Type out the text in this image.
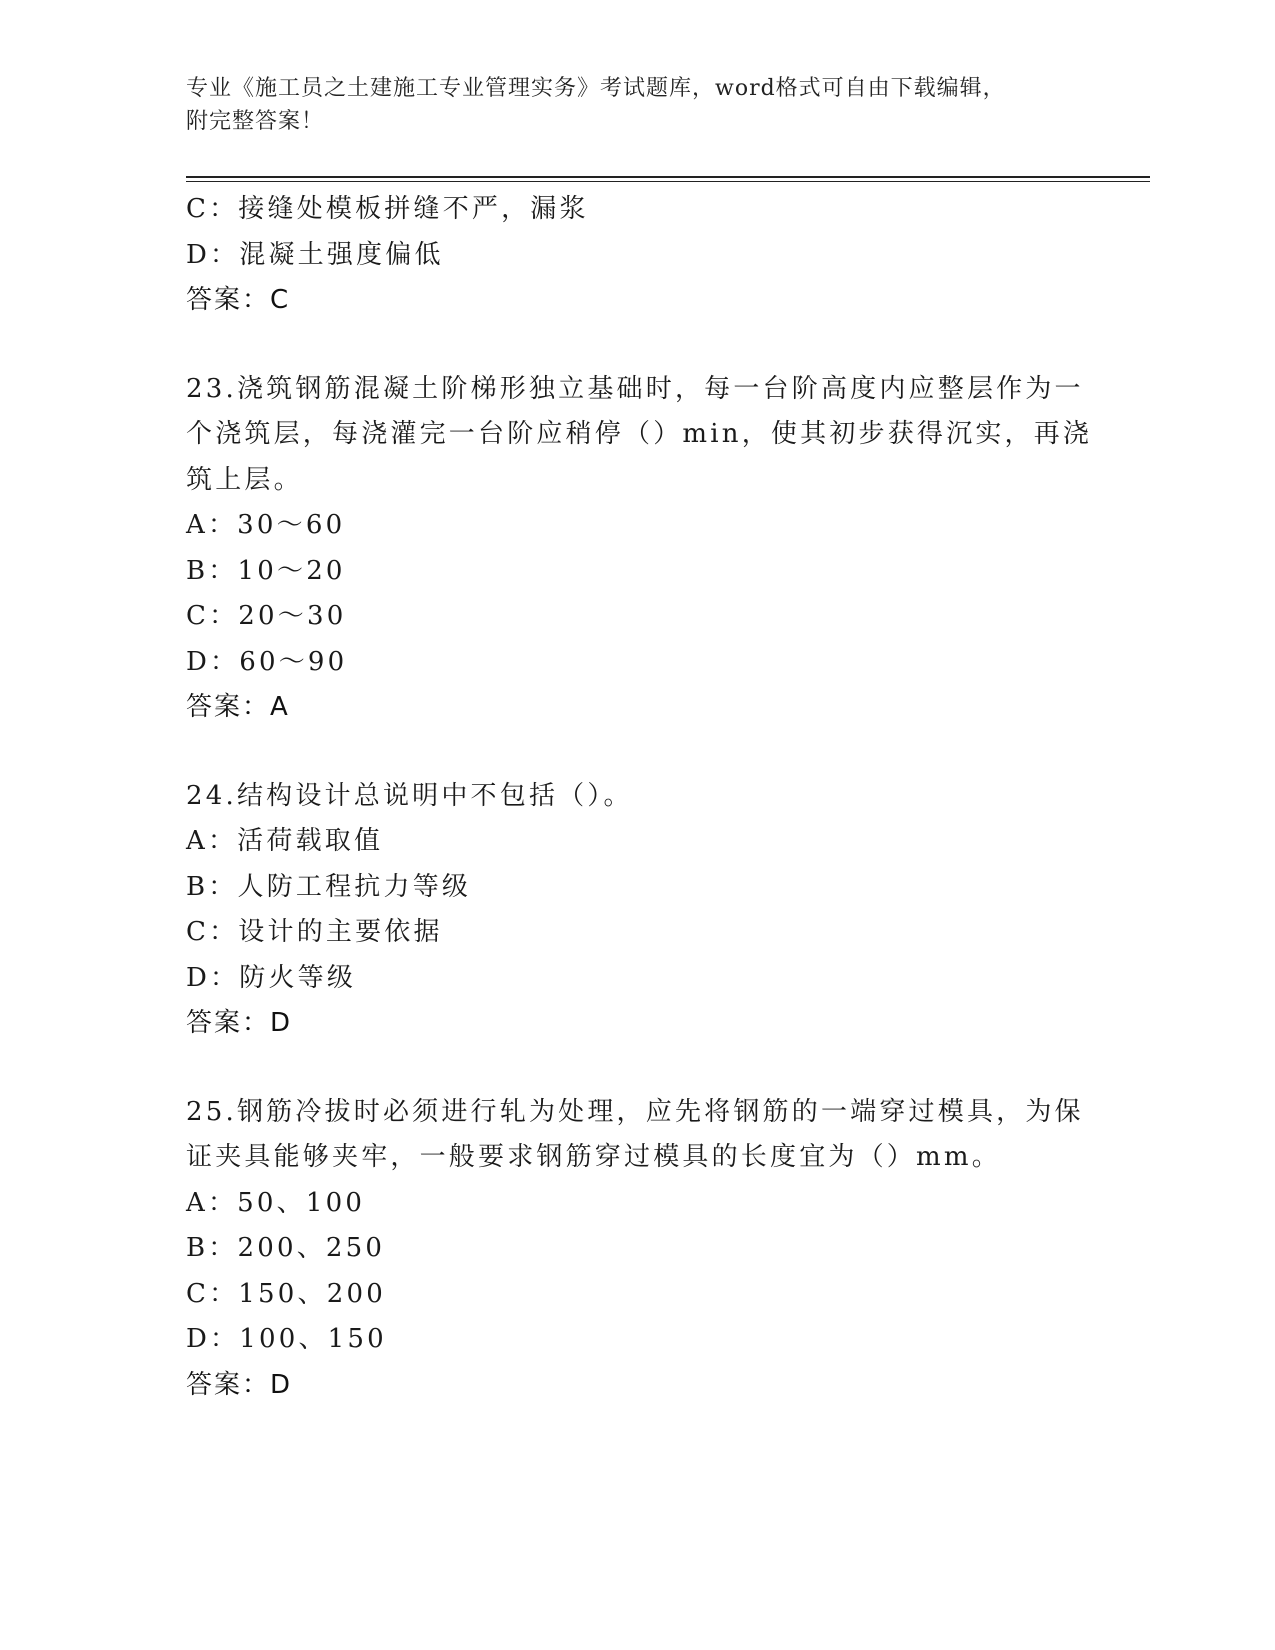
专业《施工员之土建施工专业管理实务》考试题库，word格式可自由下载编辑，
附完整答案！
C：接缝处模板拼缝不严，漏浆
D：混凝土强度偏低
答案：C
23.浇筑钢筋混凝土阶梯形独立基础时，每一台阶高度内应整层作为一
个浇筑层，每浇灌完一台阶应稍停（）min，使其初步获得沉实，再浇
筑上层。
A：30～60
B：10～20
C：20～30
D：60～90
答案：A
24.结构设计总说明中不包括（）。
A：活荷载取值
B：人防工程抗力等级
C：设计的主要依据
D：防火等级
答案：D
25.钢筋冷拔时必须进行轧为处理，应先将钢筋的一端穿过模具，为保
证夹具能够夹牢，一般要求钢筋穿过模具的长度宜为（）mm。
A：50、100
B：200、250
C：150、200
D：100、150
答案：D
